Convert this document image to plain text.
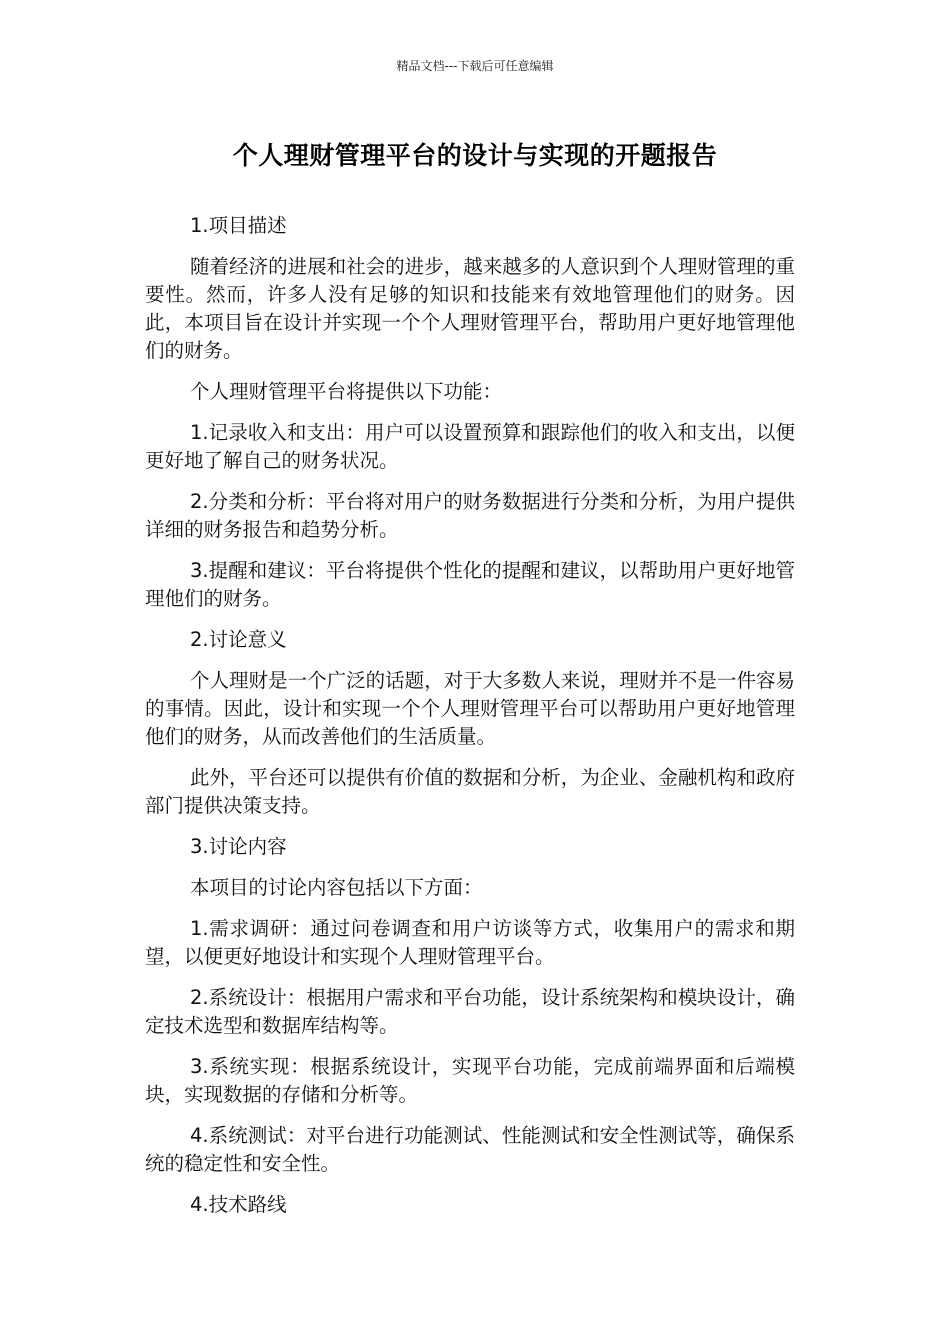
精品文档---下载后可任意编辑
个人理财管理平台的设计与实现的开题报告

1.项目描述

随着经济的进展和社会的进步，越来越多的人意识到个人理财管理的重要性。然而，许多人没有足够的知识和技能来有效地管理他们的财务。因此，本项目旨在设计并实现一个个人理财管理平台，帮助用户更好地管理他们的财务。

个人理财管理平台将提供以下功能：

1.记录收入和支出：用户可以设置预算和跟踪他们的收入和支出，以便更好地了解自己的财务状况。

2.分类和分析：平台将对用户的财务数据进行分类和分析，为用户提供详细的财务报告和趋势分析。

3.提醒和建议：平台将提供个性化的提醒和建议，以帮助用户更好地管理他们的财务。

2.讨论意义

个人理财是一个广泛的话题，对于大多数人来说，理财并不是一件容易的事情。因此，设计和实现一个个人理财管理平台可以帮助用户更好地管理他们的财务，从而改善他们的生活质量。

此外，平台还可以提供有价值的数据和分析，为企业、金融机构和政府部门提供决策支持。

3.讨论内容

本项目的讨论内容包括以下方面：

1.需求调研：通过问卷调查和用户访谈等方式，收集用户的需求和期望，以便更好地设计和实现个人理财管理平台。

2.系统设计：根据用户需求和平台功能，设计系统架构和模块设计，确定技术选型和数据库结构等。

3.系统实现：根据系统设计，实现平台功能，完成前端界面和后端模块，实现数据的存储和分析等。

4.系统测试：对平台进行功能测试、性能测试和安全性测试等，确保系统的稳定性和安全性。

4.技术路线
